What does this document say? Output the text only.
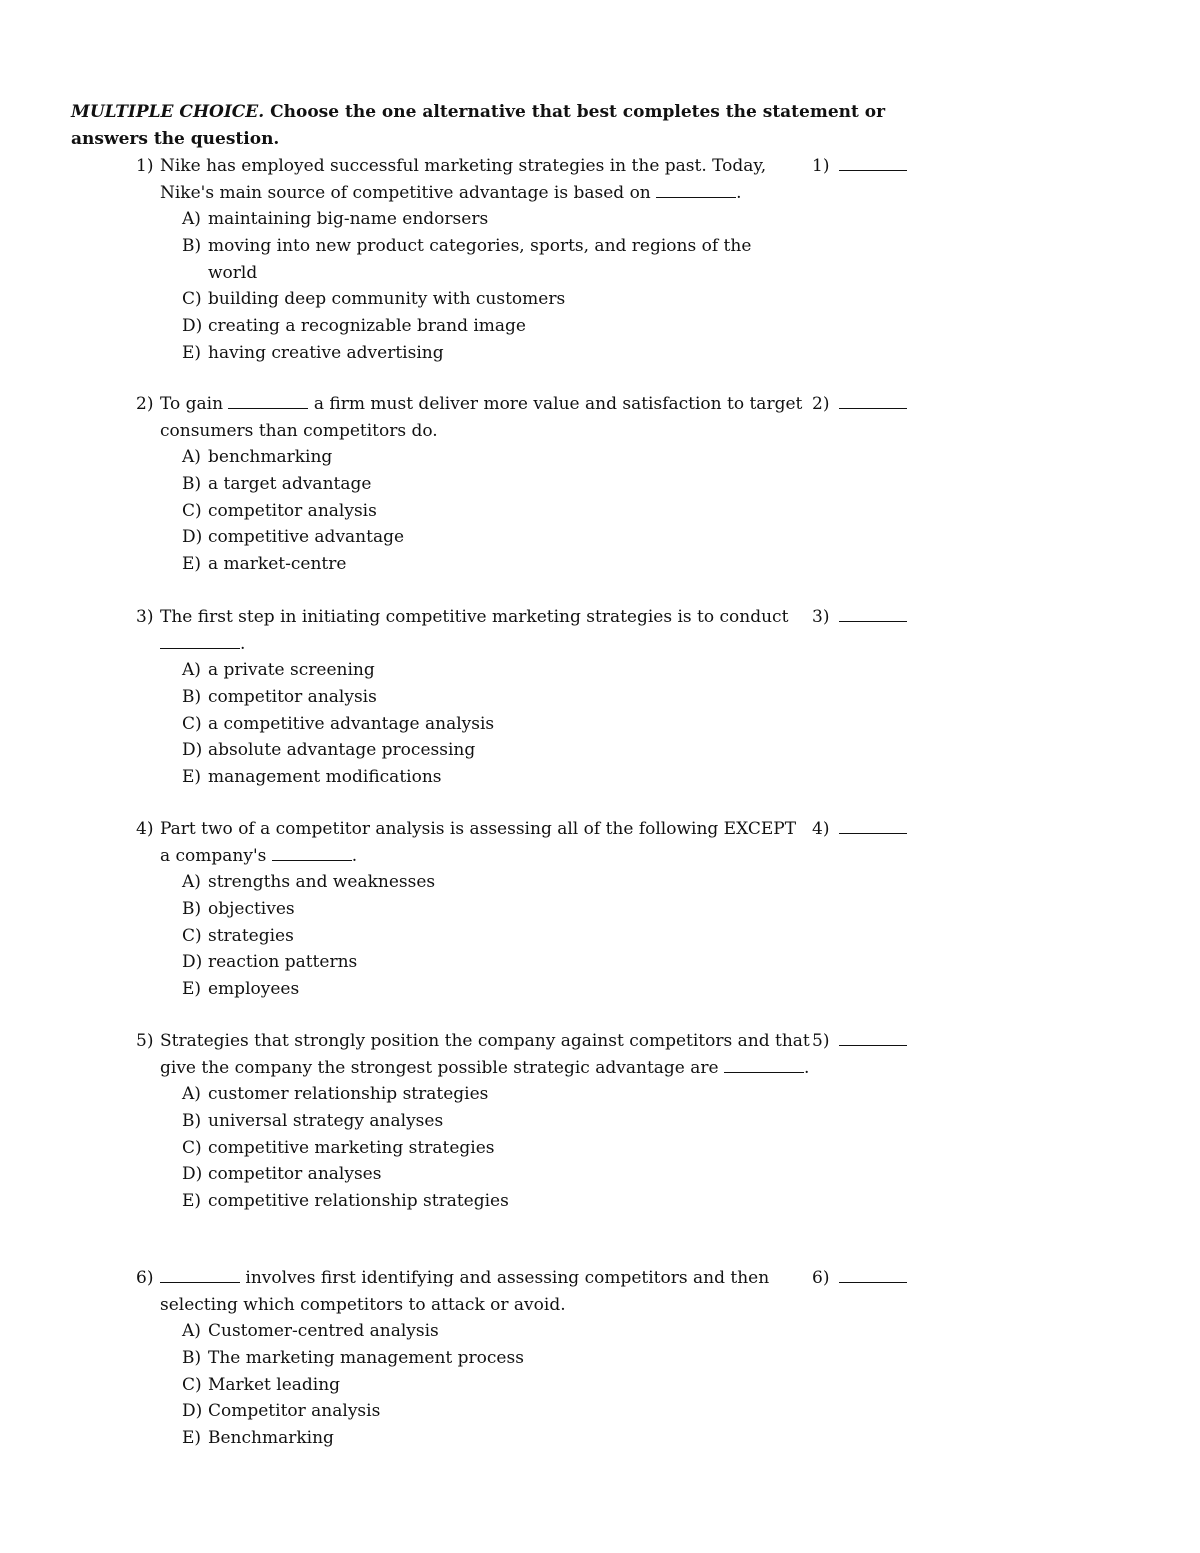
MULTIPLE CHOICE. Choose the one alternative that best completes the statement or answers the question.
1) Nike has employed successful marketing strategies in the past. Today, Nike's main source of competitive advantage is based on	.
1)
A) maintaining big-name endorsers
B) moving into new product categories, sports, and regions of the world
C) building deep community with customers
D) creating a recognizable brand image
E) having creative advertising
2) To gain	a firm must deliver more value and satisfaction to target consumers than competitors do.
2)
A) benchmarking
B) a target advantage
C) competitor analysis
D) competitive advantage
E) a market-centre
3) The first step in initiating competitive marketing strategies is to conduct .
3)
A) a private screening
B) competitor analysis
C) a competitive advantage analysis
D) absolute advantage processing
E) management modifications
4) Part two of a competitor analysis is assessing all of the following EXCEPT a company's	.
4)
A) strengths and weaknesses
B) objectives
C) strategies
D) reaction patterns
E) employees
5) Strategies that strongly position the company against competitors and that give the company the strongest possible strategic advantage are	.
5)
A) customer relationship strategies
B) universal strategy analyses
C) competitive marketing strategies
D) competitor analyses
E) competitive relationship strategies
6)	involves first identifying and assessing competitors and then selecting which competitors to attack or avoid.
6)
A) Customer-centred analysis
B) The marketing management process
C) Market leading
D) Competitor analysis
E) Benchmarking
